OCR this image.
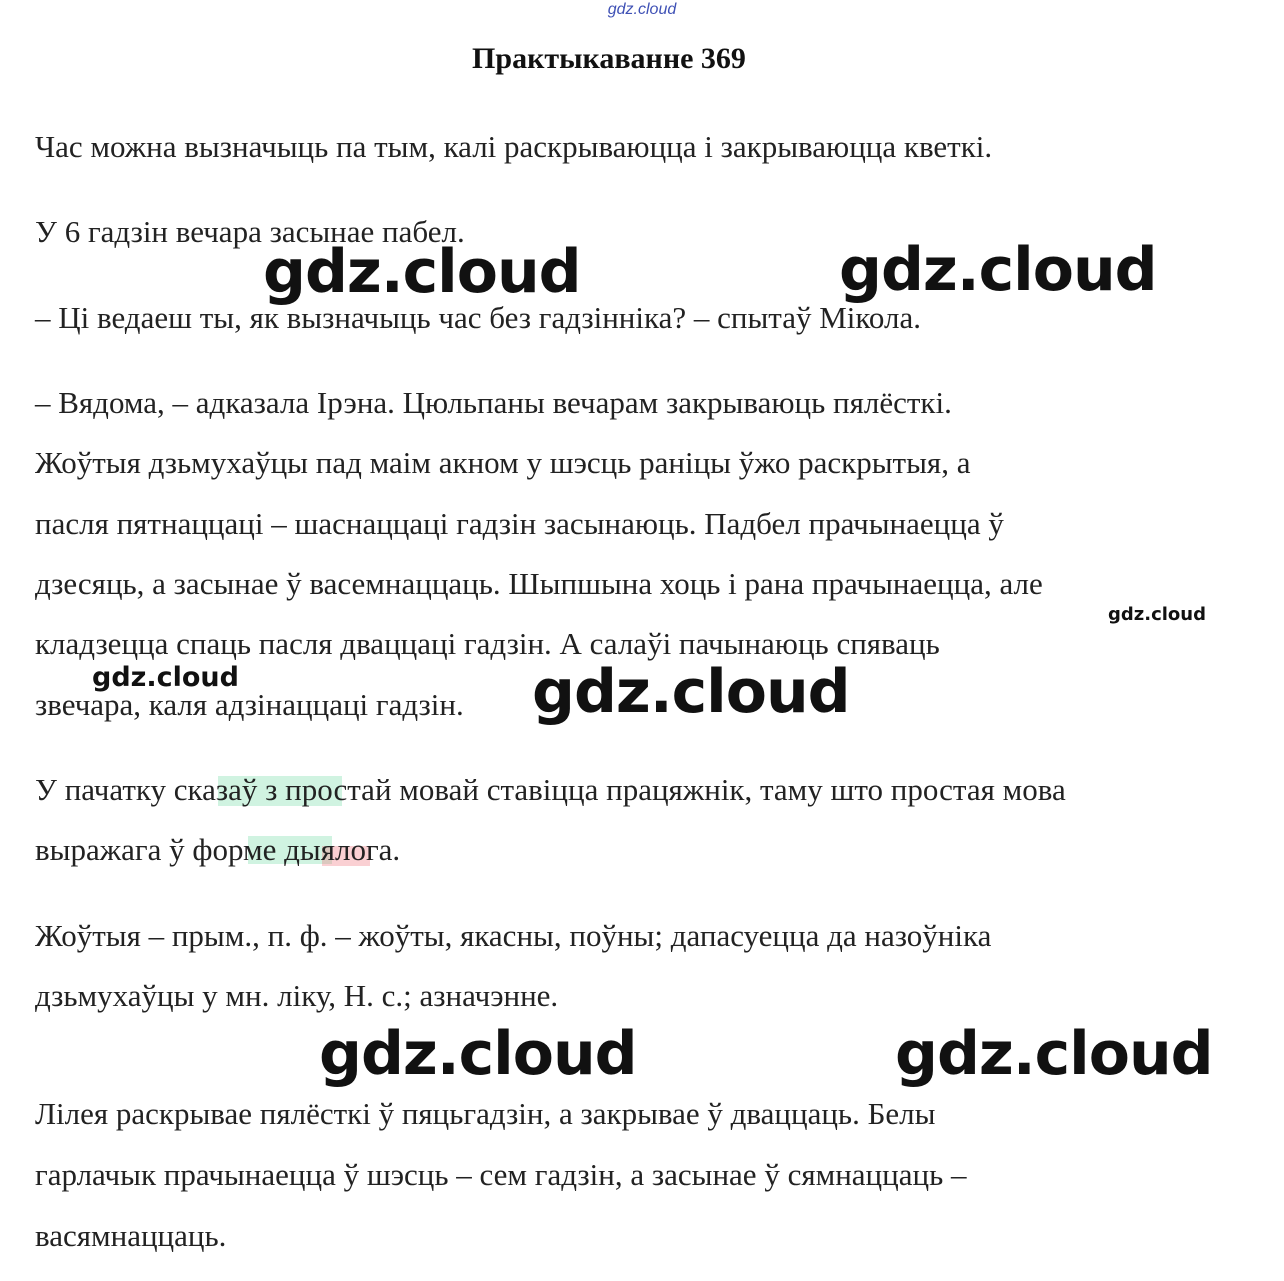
gdz.cloud
Практыкаванне 369
Час можна вызначыць па тым, калі раскрываюцца і закрываюцца кветкі.
У 6 гадзін вечара засынае пабел.
– Ці ведаеш ты, як вызначыць час без гадзінніка? – спытаў Мікола.
– Вядома, – адказала Ірэна. Цюльпаны вечарам закрываюць пялёсткі.
Жоўтыя дзьмухаўцы пад маім акном у шэсць раніцы ўжо раскрытыя, а
пасля пятнаццаці – шаснаццаці гадзін засынаюць. Падбел прачынаецца ў
дзесяць, а засынае ў васемнаццаць. Шыпшына хоць і рана прачынаецца, але
кладзецца спаць пасля дваццаці гадзін. А салаўі пачынаюць спяваць
звечара, каля адзінаццаці гадзін.
У пачатку сказаў з простай мовай ставіцца працяжнік, таму што простая мова
выражага ў форме дыялога.
Жоўтыя – прым., п. ф. – жоўты, якасны, поўны; дапасуецца да назоўніка
дзьмухаўцы у мн. ліку, Н. с.; азначэнне.
Лілея раскрывае пялёсткі ў пяцьгадзін, а закрывае ў дваццаць. Белы
гарлачык прачынаецца ў шэсць – сем гадзін, а засынае ў сямнаццаць –
васямнаццаць.
gdz.cloud	gdz.cloud
gdz.cloud
gdz.cloud	gdz.cloud
gdz.cloud	gdz.cloud
